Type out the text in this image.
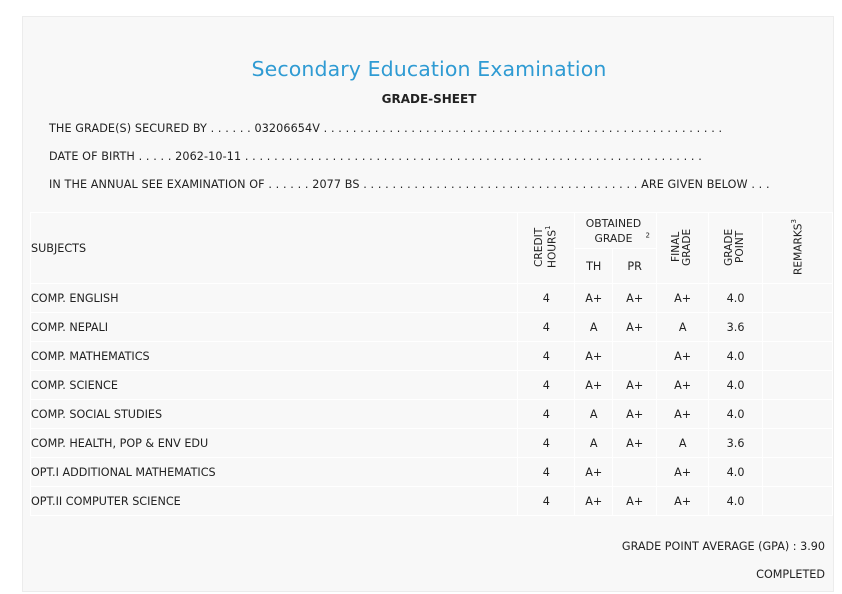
Secondary Education Examination
GRADE-SHEET
THE GRADE(S) SECURED BY . . . . . . 03206654V . . . . . . . . . . . . . . . . . . . . . . . . . . . . . . . . . . . . . . . . . . . . . . . . . . . . . . .
DATE OF BIRTH . . . . . 2062-10-11 . . . . . . . . . . . . . . . . . . . . . . . . . . . . . . . . . . . . . . . . . . . . . . . . . . . . . . . . . . . . . . .
IN THE ANNUAL SEE EXAMINATION OF . . . . . . 2077 BS . . . . . . . . . . . . . . . . . . . . . . . . . . . . . . . . . . . . . . ARE GIVEN BELOW . . .
SUBJECTS	CREDIT HOURS$^1$	OBTAINED GRADE $^2$		FINAL GRADE	GRADE POINT	REMARKS$^3$
		TH	PR			
COMP. ENGLISH	4	A+	A+	A+	4.0	
COMP. NEPALI	4	A	A+	A	3.6	
COMP. MATHEMATICS	4	A+		A+	4.0	
COMP. SCIENCE	4	A+	A+	A+	4.0	
COMP. SOCIAL STUDIES	4	A	A+	A+	4.0	
COMP. HEALTH, POP & ENV EDU	4	A	A+	A	3.6	
OPT.I ADDITIONAL MATHEMATICS	4	A+		A+	4.0	
OPT.II COMPUTER SCIENCE	4	A+	A+	A+	4.0	
GRADE POINT AVERAGE (GPA) : 3.90
COMPLETED
